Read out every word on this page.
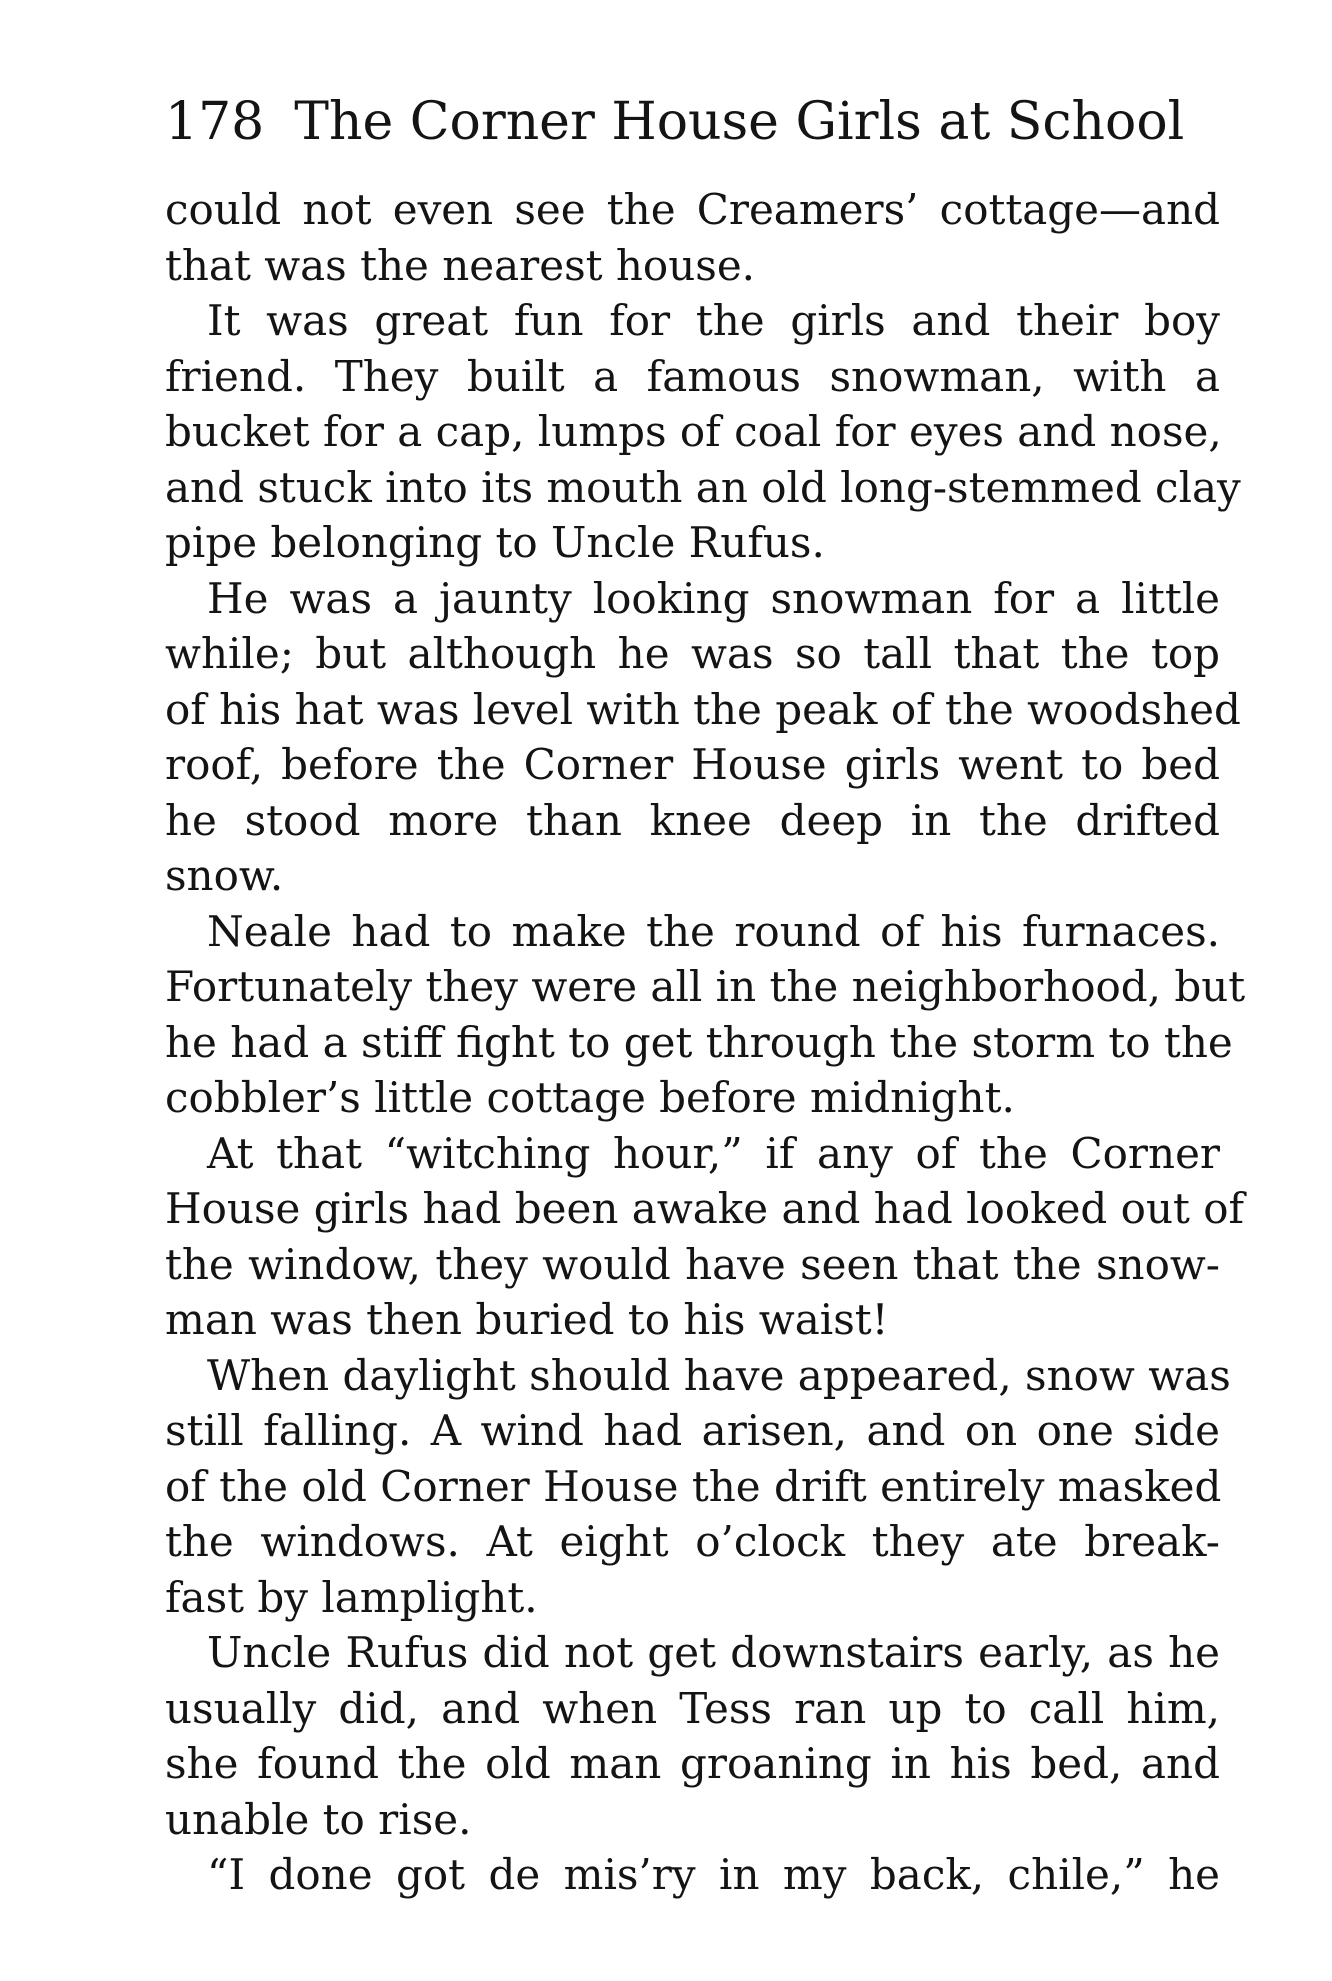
178 The Corner House Girls at School
could not even see the Creamers’ cottage—and
that was the nearest house.
It was great fun for the girls and their boy
friend. They built a famous snowman, with a
bucket for a cap, lumps of coal for eyes and nose,
and stuck into its mouth an old long-stemmed clay
pipe belonging to Uncle Rufus.
He was a jaunty looking snowman for a little
while; but although he was so tall that the top
of his hat was level with the peak of the woodshed
roof, before the Corner House girls went to bed
he stood more than knee deep in the drifted
snow.
Neale had to make the round of his furnaces.
Fortunately they were all in the neighborhood, but
he had a stiff fight to get through the storm to the
cobbler’s little cottage before midnight.
At that “witching hour,” if any of the Corner
House girls had been awake and had looked out of
the window, they would have seen that the snow-
man was then buried to his waist!
When daylight should have appeared, snow was
still falling. A wind had arisen, and on one side
of the old Corner House the drift entirely masked
the windows. At eight o’clock they ate break-
fast by lamplight.
Uncle Rufus did not get downstairs early, as he
usually did, and when Tess ran up to call him,
she found the old man groaning in his bed, and
unable to rise.
“I done got de mis’ry in my back, chile,” he
